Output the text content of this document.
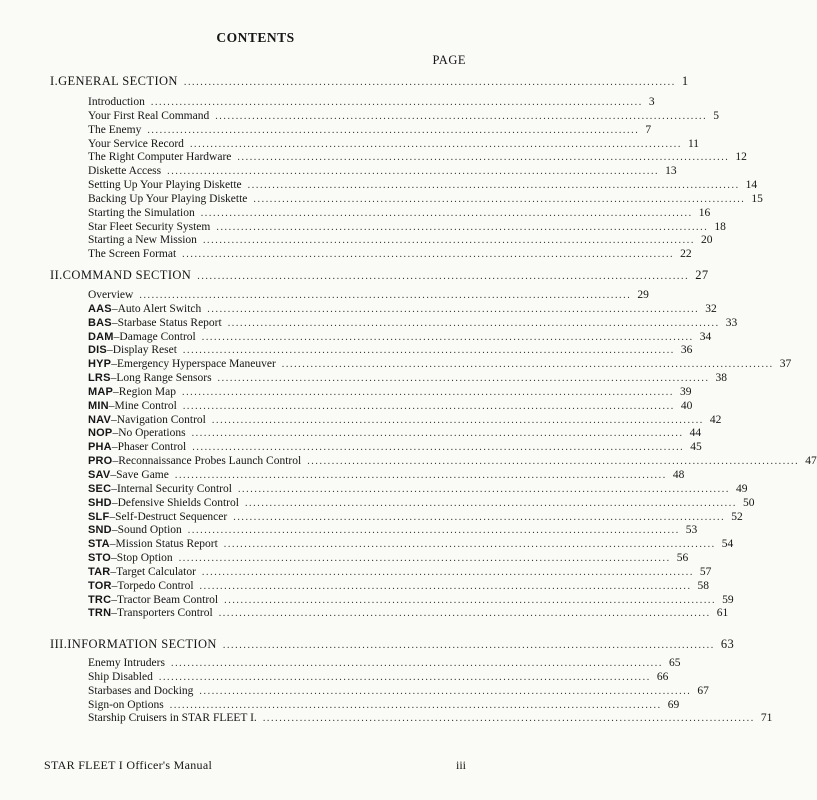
CONTENTS
PAGE
I. GENERAL SECTION ........................................................................................................................ 1
Introduction ........................................................................................................................ 3
Your First Real Command ........................................................................................................................ 5
The Enemy ........................................................................................................................ 7
Your Service Record ........................................................................................................................ 11
The Right Computer Hardware ........................................................................................................................ 12
Diskette Access ........................................................................................................................ 13
Setting Up Your Playing Diskette ........................................................................................................................ 14
Backing Up Your Playing Diskette ........................................................................................................................ 15
Starting the Simulation ........................................................................................................................ 16
Star Fleet Security System ........................................................................................................................ 18
Starting a New Mission ........................................................................................................................ 20
The Screen Format ........................................................................................................................ 22
II. COMMAND SECTION ........................................................................................................................ 27
Overview ........................................................................................................................ 29
AAS – Auto Alert Switch ........................................................................................................................ 32
BAS – Starbase Status Report ........................................................................................................................ 33
DAM – Damage Control ........................................................................................................................ 34
DIS – Display Reset ........................................................................................................................ 36
HYP – Emergency Hyperspace Maneuver ........................................................................................................................ 37
LRS – Long Range Sensors ........................................................................................................................ 38
MAP – Region Map ........................................................................................................................ 39
MIN – Mine Control ........................................................................................................................ 40
NAV – Navigation Control ........................................................................................................................ 42
NOP – No Operations ........................................................................................................................ 44
PHA – Phaser Control ........................................................................................................................ 45
PRO – Reconnaissance Probes Launch Control ........................................................................................................................ 47
SAV – Save Game ........................................................................................................................ 48
SEC – Internal Security Control ........................................................................................................................ 49
SHD – Defensive Shields Control ........................................................................................................................ 50
SLF – Self-Destruct Sequencer ........................................................................................................................ 52
SND – Sound Option ........................................................................................................................ 53
STA – Mission Status Report ........................................................................................................................ 54
STO – Stop Option ........................................................................................................................ 56
TAR – Target Calculator ........................................................................................................................ 57
TOR – Torpedo Control ........................................................................................................................ 58
TRC – Tractor Beam Control ........................................................................................................................ 59
TRN – Transporters Control ........................................................................................................................ 61
III. INFORMATION SECTION ........................................................................................................................ 63
Enemy Intruders ........................................................................................................................ 65
Ship Disabled ........................................................................................................................ 66
Starbases and Docking ........................................................................................................................ 67
Sign-on Options ........................................................................................................................ 69
Starship Cruisers in STAR FLEET I. ........................................................................................................................ 71
STAR FLEET I Officer's Manual	iii
